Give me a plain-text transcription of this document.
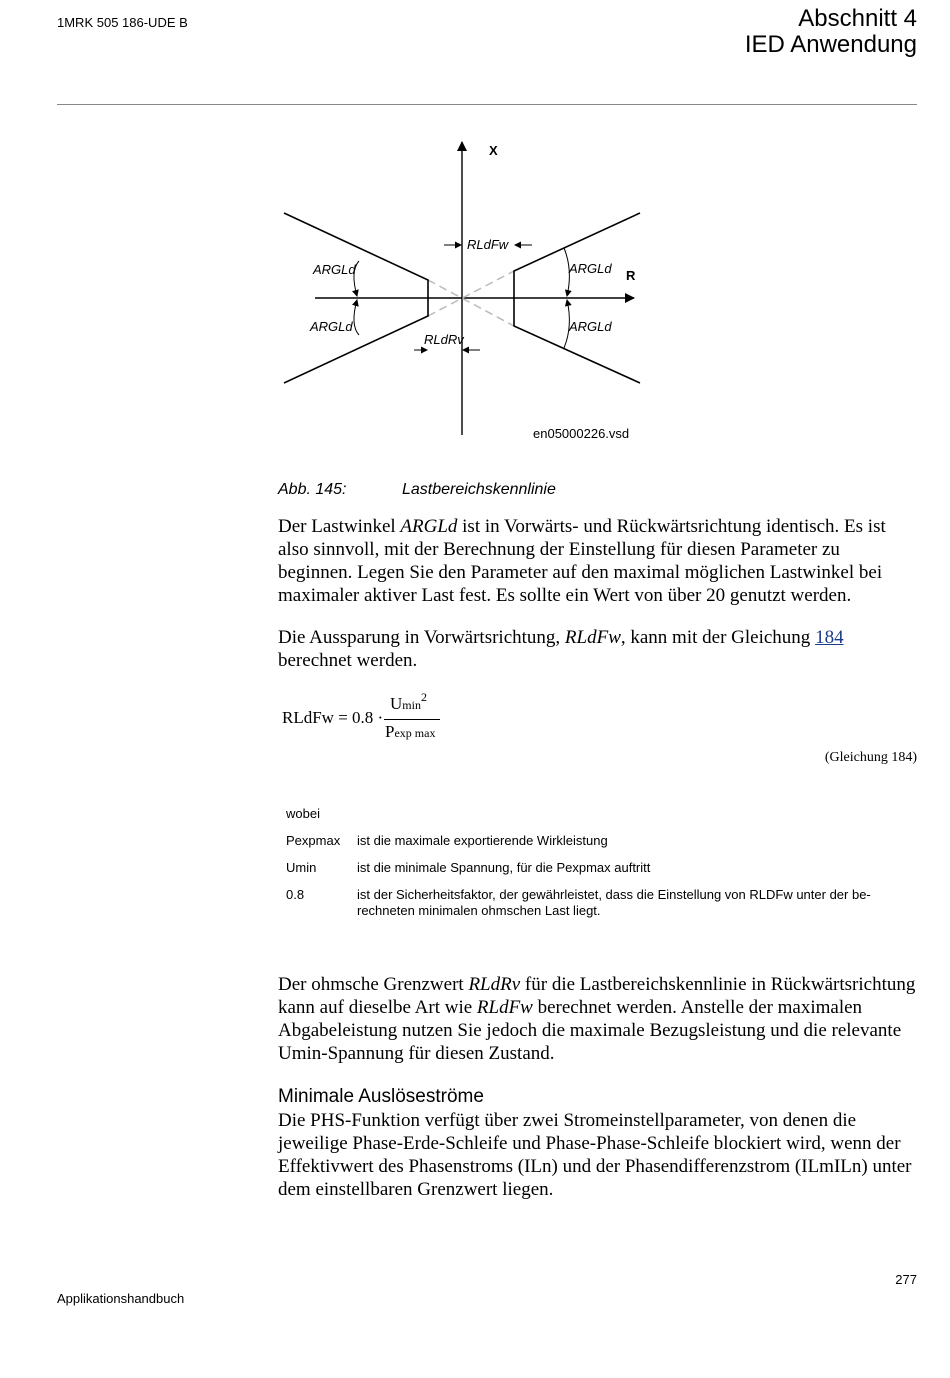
1MRK 505 186-UDE B	Abschnitt 4
IED Anwendung
X
R
RLdFw
RLdRv
ARGLd
ARGLd
ARGLd
ARGLd
en05000226.vsd
Abb. 145:	Lastbereichskennlinie

Der Lastwinkel ARGLd ist in Vorwärts- und Rückwärtsrichtung identisch. Es ist also sinnvoll, mit der Berechnung der Einstellung für diesen Parameter zu beginnen. Legen Sie den Parameter auf den maximal möglichen Lastwinkel bei maximaler aktiver Last fest. Es sollte ein Wert von über 20 genutzt werden.

Die Aussparung in Vorwärtsrichtung, RLdFw, kann mit der Gleichung 184 berechnet werden.

RLdFw = 0.8 ·
Umin$^2$
Pexp max
(Gleichung 184)
wobei
Pexpmax	ist die maximale exportierende Wirkleistung
Umin	ist die minimale Spannung, für die Pexpmax auftritt
0.8	ist der Sicherheitsfaktor, der gewährleistet, dass die Einstellung von RLDFw unter der be-rechneten minimalen ohmschen Last liegt.

Der ohmsche Grenzwert RLdRv für die Lastbereichskennlinie in Rückwärtsrichtung kann auf dieselbe Art wie RLdFw berechnet werden. Anstelle der maximalen Abgabeleistung nutzen Sie jedoch die maximale Bezugsleistung und die relevante Umin-Spannung für diesen Zustand.

Minimale Auslöseströme

Die PHS-Funktion verfügt über zwei Stromeinstellparameter, von denen die jeweilige Phase-Erde-Schleife und Phase-Phase-Schleife blockiert wird, wenn der Effektivwert des Phasenstroms (ILn) und der Phasendifferenzstrom (ILmILn) unter dem einstellbaren Grenzwert liegen.

277
Applikationshandbuch
